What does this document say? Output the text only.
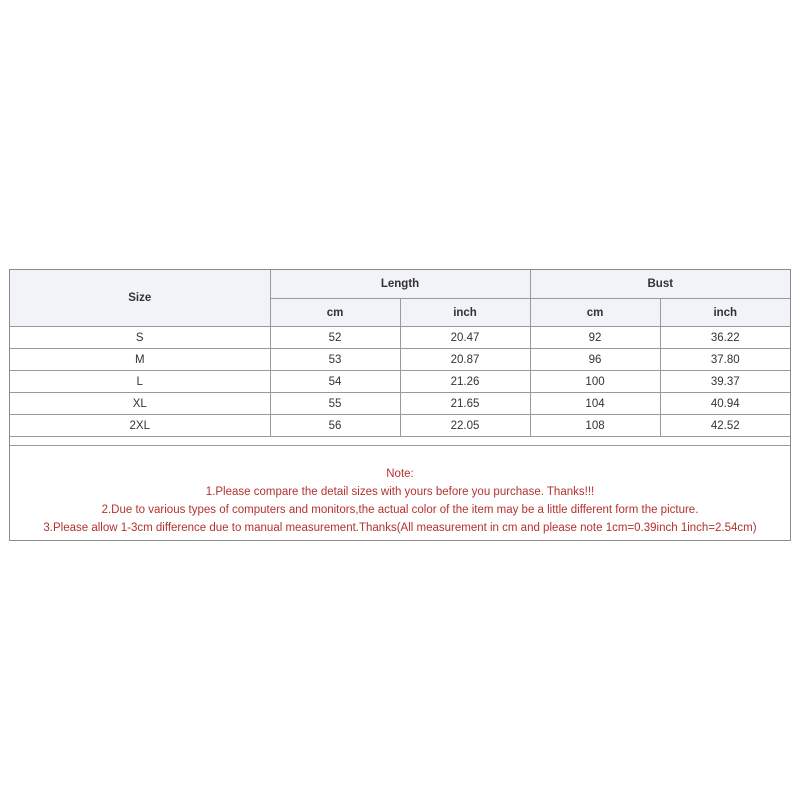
Size	Length		Bust	
	cm	inch	cm	inch
S	52	20.47	92	36.22
M	53	20.87	96	37.80
L	54	21.26	100	39.37
XL	55	21.65	104	40.94
2XL	56	22.05	108	42.52
Note:
1.Please compare the detail sizes with yours before you purchase. Thanks!!!
2.Due to various types of computers and monitors,the actual color of the item may be a little different form the picture.
3.Please allow 1-3cm difference due to manual measurement.Thanks(All measurement in cm and please note 1cm=0.39inch 1inch=2.54cm)
